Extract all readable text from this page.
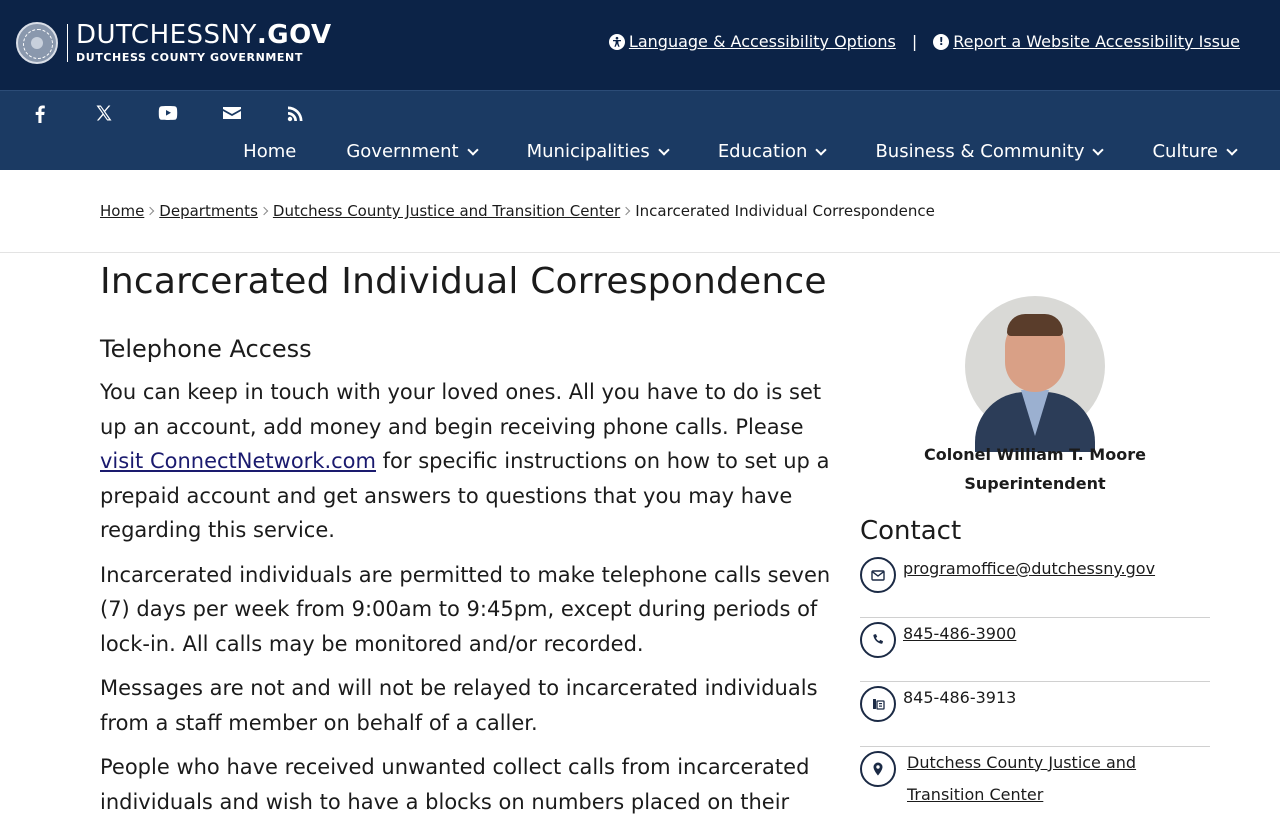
DUTCHESSNY.GOV
DUTCHESS COUNTY GOVERNMENT
Language & Accessibility Options |	! Report a Website Accessibility Issue
Home	Government	Municipalities	Education	Business & Community	Culture
Home Departments Dutchess County Justice and Transition Center Incarcerated Individual Correspondence
Incarcerated Individual Correspondence
Telephone Access

You can keep in touch with your loved ones. All you have to do is set up an account, add money and begin receiving phone calls. Please visit ConnectNetwork.com for specific instructions on how to set up a prepaid account and get answers to questions that you may have regarding this service.

Incarcerated individuals are permitted to make telephone calls seven (7) days per week from 9:00am to 9:45pm, except during periods of lock-in. All calls may be monitored and/or recorded.

Messages are not and will not be relayed to incarcerated individuals from a staff member on behalf of a caller.

People who have received unwanted collect calls from incarcerated individuals and wish to have a blocks on numbers placed on their

Colonel William T. Moore
Superintendent
Contact
programoffice@dutchessny.gov
845-486-3900
845-486-3913
Dutchess County Justice and Transition Center
